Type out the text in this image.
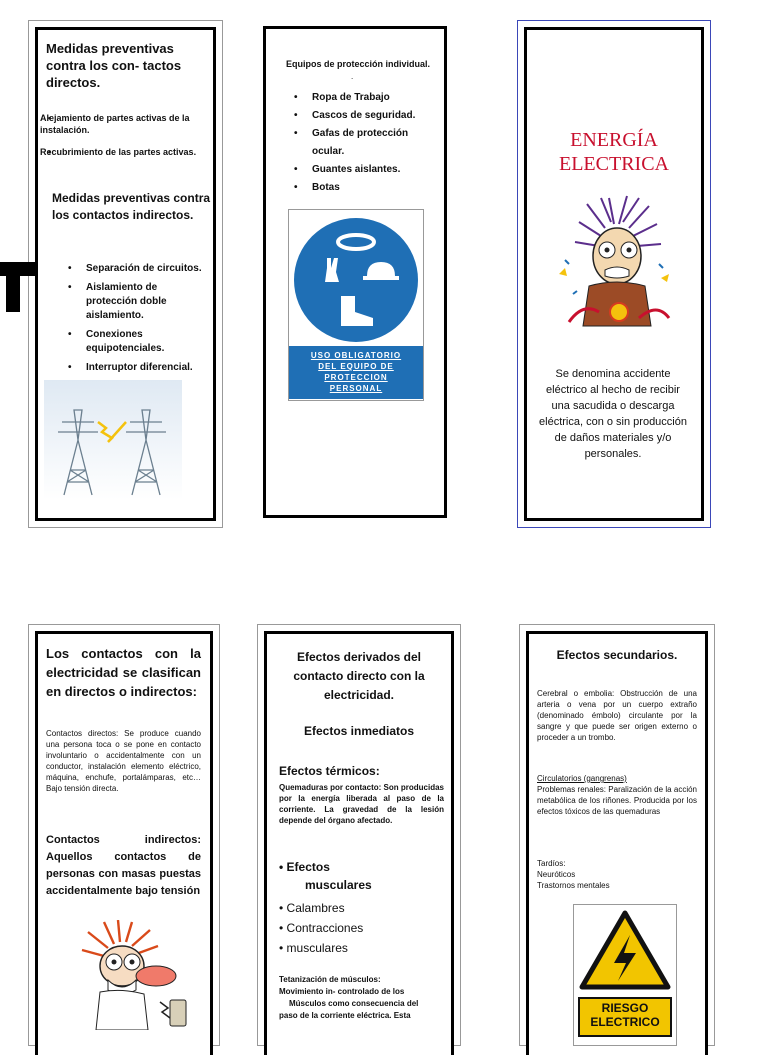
Medidas preventivas contra los con- tactos directos.
• Alejamiento de partes activas de la instalación.
• Recubrimiento de las partes activas.
Medidas preventivas contra los contactos indirectos.
• Separación de circuitos.
• Aislamiento de protección doble aislamiento.
• Conexiones equipotenciales.
• Interruptor diferencial.
Equipos de protección individual.
.
• Ropa de Trabajo
• Cascos de seguridad.
• Gafas de protección ocular.
• Guantes aislantes.
• Botas
USO OBLIGATORIO
DEL EQUIPO DE
PROTECCION
PERSONAL
ENERGÍA
ELECTRICA

Se denomina accidente eléctrico al hecho de recibir una sacudida o descarga eléctrica, con o sin producción de daños materiales y/o personales.

Los contactos con la electricidad se clasifican en directos o indirectos:

Contactos directos: Se produce cuando una persona toca o se pone en contacto involuntario o accidentalmente con un conductor, instalación elemento eléctrico, máquina, enchufe, portalámparas, etc… Bajo tensión directa.

Contactos indirectos: Aquellos contactos de personas con masas puestas accidentalmente bajo tensión

Efectos derivados del contacto directo con la electricidad.
Efectos inmediatos
Efectos térmicos:

Quemaduras por contacto: Son producidas por la energía liberada al paso de la corriente. La gravedad de la lesión depende del órgano afectado.

• Efectos
musculares
• Calambres
• Contracciones
• musculares
Tetanización de músculos:
Movimiento in- controlado de los
Músculos como consecuencia del
paso de la corriente eléctrica. Esta
Efectos secundarios.

Cerebral o embolia: Obstrucción de una arteria o vena por un cuerpo extraño (denominado émbolo) circulante por la sangre y que puede ser origen externo o proceder a un trombo.

Circulatorios (gangrenas)

Problemas renales: Paralización de la acción metabólica de los riñones. Producida por los efectos tóxicos de las quemaduras

Tardíos:
Neuróticos
Trastornos mentales
RIESGO
ELECTRICO
